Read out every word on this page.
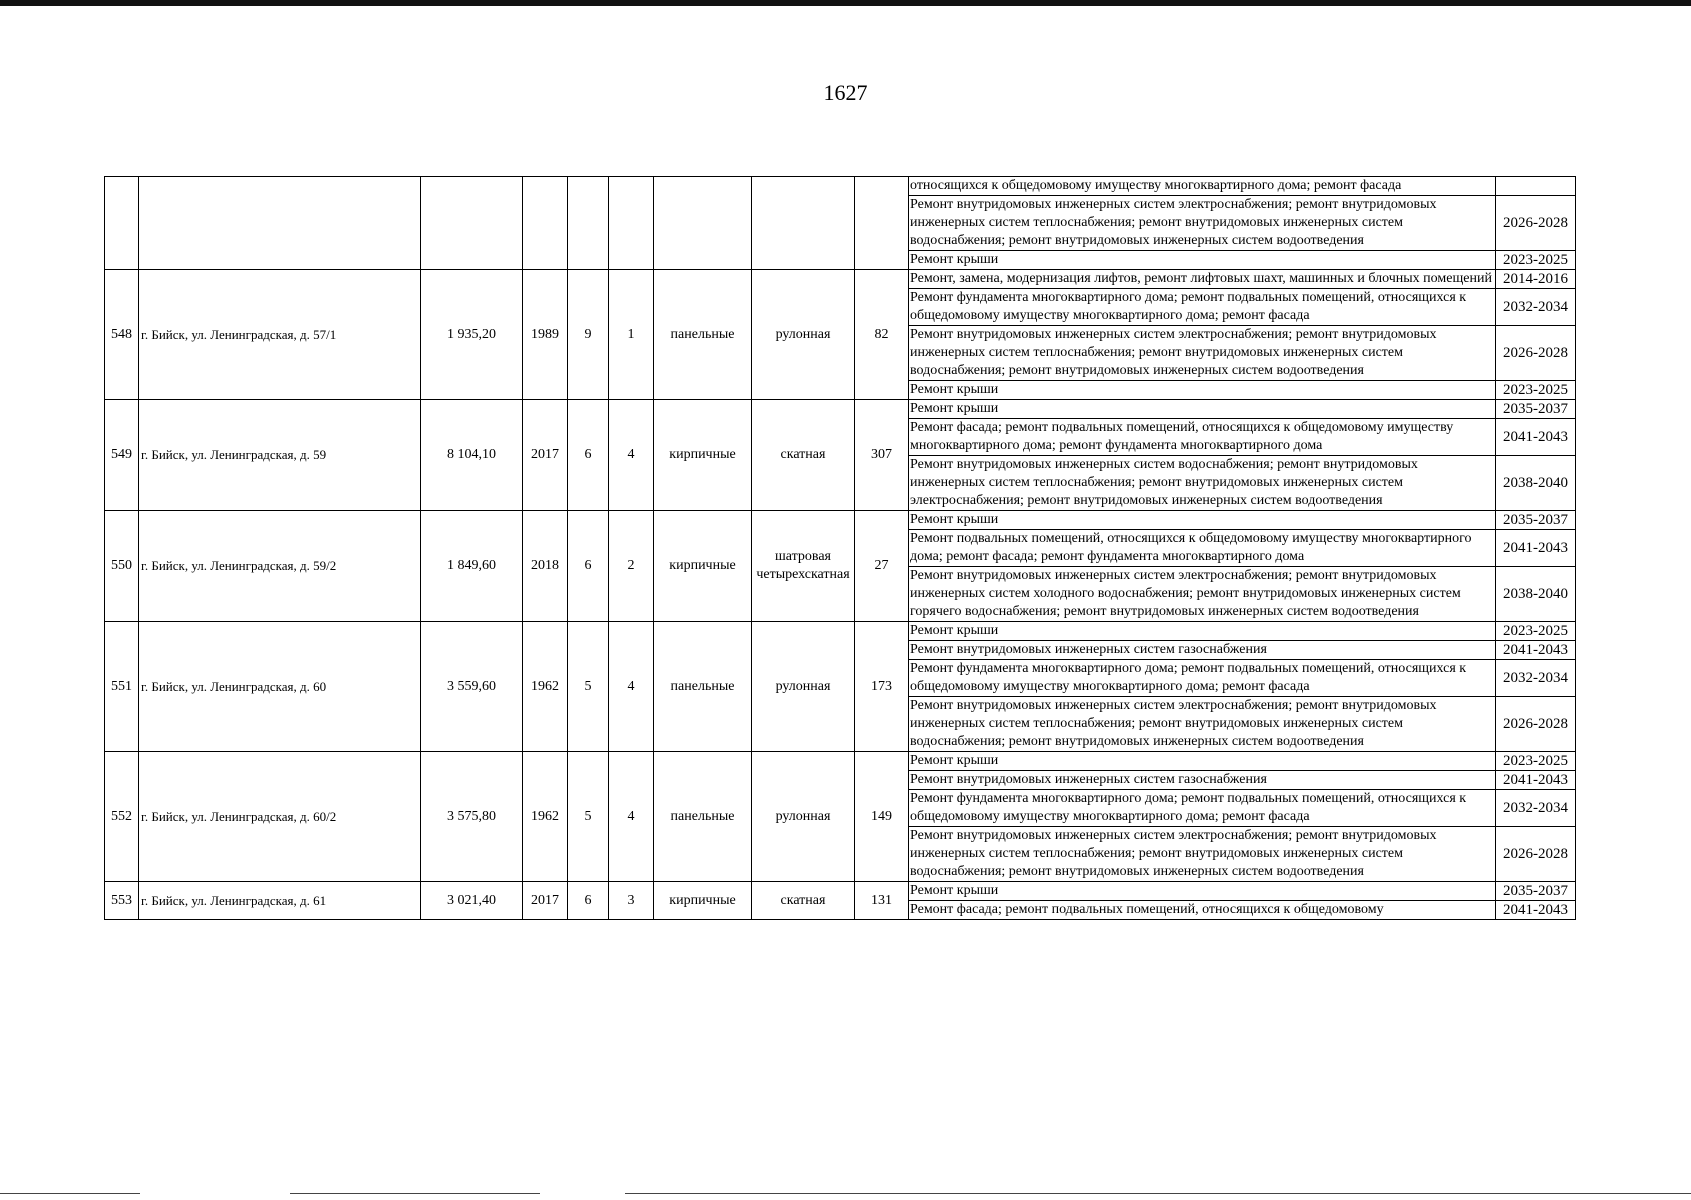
1627
									относящихся к общедомовому имуществу многоквартирного дома; ремонт фасада	
									Ремонт внутридомовых инженерных систем электроснабжения; ремонт внутридомовых инженерных систем теплоснабжения; ремонт внутридомовых инженерных систем водоснабжения; ремонт внутридомовых инженерных систем водоотведения	2026-2028
									Ремонт крыши	2023-2025
548	г. Бийск, ул. Ленинградская, д. 57/1	1 935,20	1989	9	1	панельные	рулонная	82	Ремонт, замена, модернизация лифтов, ремонт лифтовых шахт, машинных и блочных помещений	2014-2016
									Ремонт фундамента многоквартирного дома; ремонт подвальных помещений, относящихся к общедомовому имуществу многоквартирного дома; ремонт фасада	2032-2034
									Ремонт внутридомовых инженерных систем электроснабжения; ремонт внутридомовых инженерных систем теплоснабжения; ремонт внутридомовых инженерных систем водоснабжения; ремонт внутридомовых инженерных систем водоотведения	2026-2028
									Ремонт крыши	2023-2025
549	г. Бийск, ул. Ленинградская, д. 59	8 104,10	2017	6	4	кирпичные	скатная	307	Ремонт крыши	2035-2037
									Ремонт фасада; ремонт подвальных помещений, относящихся к общедомовому имуществу многоквартирного дома; ремонт фундамента многоквартирного дома	2041-2043
									Ремонт внутридомовых инженерных систем водоснабжения; ремонт внутридомовых инженерных систем теплоснабжения; ремонт внутридомовых инженерных систем электроснабжения; ремонт внутридомовых инженерных систем водоотведения	2038-2040
550	г. Бийск, ул. Ленинградская, д. 59/2	1 849,60	2018	6	2	кирпичные	шатровая четырехскатная	27	Ремонт крыши	2035-2037
									Ремонт подвальных помещений, относящихся к общедомовому имуществу многоквартирного дома; ремонт фасада; ремонт фундамента многоквартирного дома	2041-2043
									Ремонт внутридомовых инженерных систем электроснабжения; ремонт внутридомовых инженерных систем холодного водоснабжения; ремонт внутридомовых инженерных систем горячего водоснабжения; ремонт внутридомовых инженерных систем водоотведения	2038-2040
551	г. Бийск, ул. Ленинградская, д. 60	3 559,60	1962	5	4	панельные	рулонная	173	Ремонт крыши	2023-2025
									Ремонт внутридомовых инженерных систем газоснабжения	2041-2043
									Ремонт фундамента многоквартирного дома; ремонт подвальных помещений, относящихся к общедомовому имуществу многоквартирного дома; ремонт фасада	2032-2034
									Ремонт внутридомовых инженерных систем электроснабжения; ремонт внутридомовых инженерных систем теплоснабжения; ремонт внутридомовых инженерных систем водоснабжения; ремонт внутридомовых инженерных систем водоотведения	2026-2028
552	г. Бийск, ул. Ленинградская, д. 60/2	3 575,80	1962	5	4	панельные	рулонная	149	Ремонт крыши	2023-2025
									Ремонт внутридомовых инженерных систем газоснабжения	2041-2043
									Ремонт фундамента многоквартирного дома; ремонт подвальных помещений, относящихся к общедомовому имуществу многоквартирного дома; ремонт фасада	2032-2034
									Ремонт внутридомовых инженерных систем электроснабжения; ремонт внутридомовых инженерных систем теплоснабжения; ремонт внутридомовых инженерных систем водоснабжения; ремонт внутридомовых инженерных систем водоотведения	2026-2028
553	г. Бийск, ул. Ленинградская, д. 61	3 021,40	2017	6	3	кирпичные	скатная	131	Ремонт крыши	2035-2037
									Ремонт фасада; ремонт подвальных помещений, относящихся к общедомовому	2041-2043
